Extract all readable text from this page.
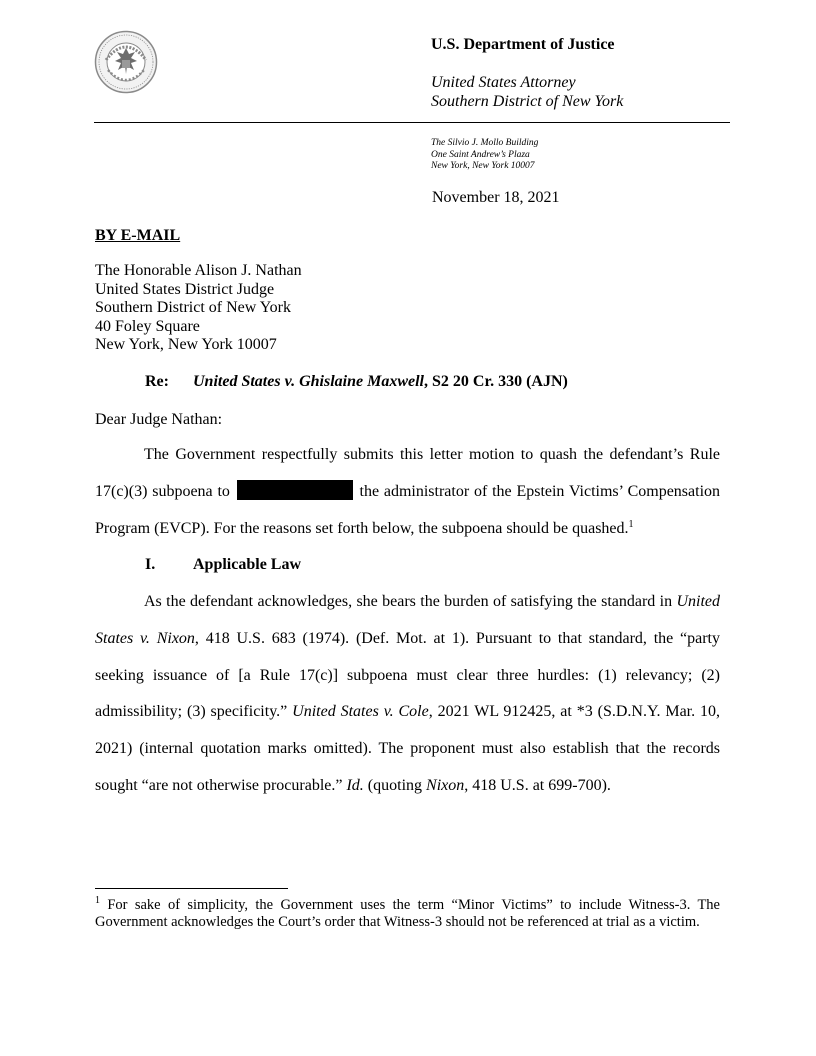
U.S. Department of Justice
United States Attorney
Southern District of New York
The Silvio J. Mollo Building
One Saint Andrew’s Plaza
New York, New York 10007
November 18, 2021
BY E-MAIL
The Honorable Alison J. Nathan
United States District Judge
Southern District of New York
40 Foley Square
New York, New York 10007
Re: United States v. Ghislaine Maxwell, S2 20 Cr. 330 (AJN)
Dear Judge Nathan:
The Government respectfully submits this letter motion to quash the defendant’s Rule 17(c)(3) subpoena to	the administrator of the Epstein Victims’ Compensation Program (EVCP). For the reasons set forth below, the subpoena should be quashed.$^1$
I. Applicable Law
As the defendant acknowledges, she bears the burden of satisfying the standard in United States v. Nixon, 418 U.S. 683 (1974). (Def. Mot. at 1). Pursuant to that standard, the “party seeking issuance of [a Rule 17(c)] subpoena must clear three hurdles: (1) relevancy; (2) admissibility; (3) specificity.” United States v. Cole, 2021 WL 912425, at *3 (S.D.N.Y. Mar. 10, 2021) (internal quotation marks omitted). The proponent must also establish that the records sought “are not otherwise procurable.” Id. (quoting Nixon, 418 U.S. at 699-700).
$^1$ For sake of simplicity, the Government uses the term “Minor Victims” to include Witness-3. The Government acknowledges the Court’s order that Witness-3 should not be referenced at trial as a victim.
